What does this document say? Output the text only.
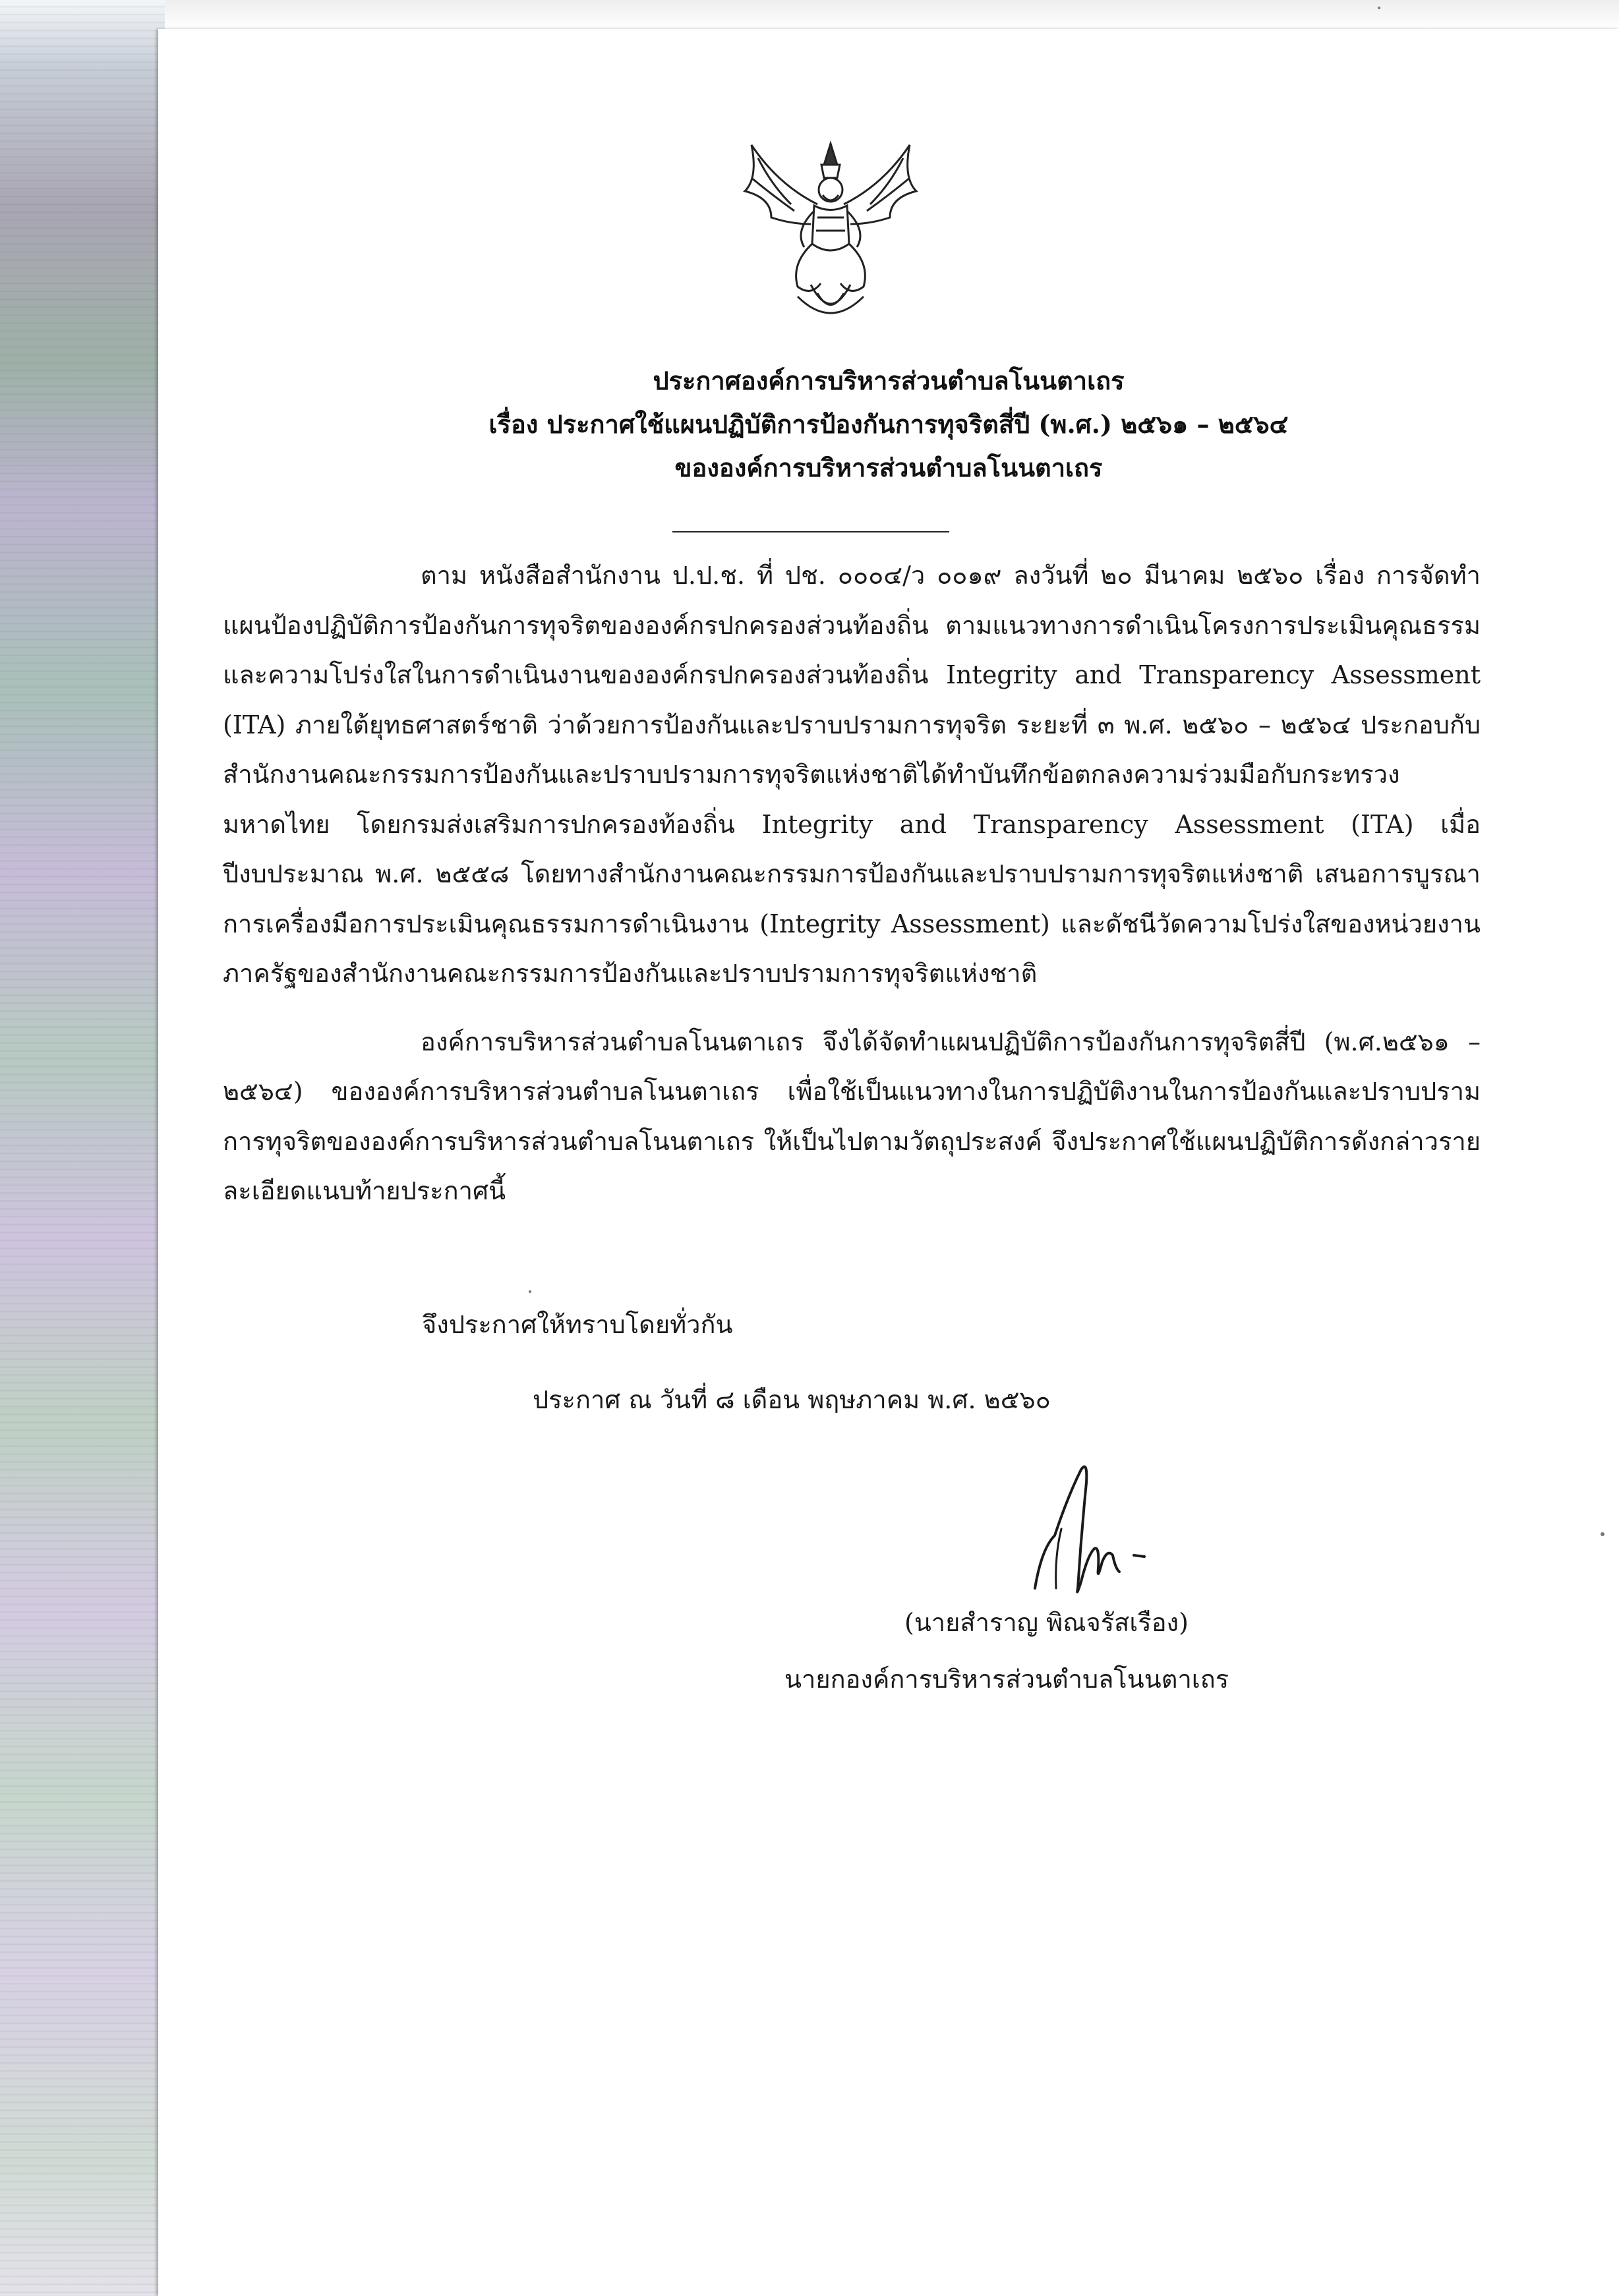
ประกาศองค์การบริหารส่วนตำบลโนนตาเถร
เรื่อง ประกาศใช้แผนปฏิบัติการป้องกันการทุจริตสี่ปี (พ.ศ.) ๒๕๖๑ – ๒๕๖๔
ขององค์การบริหารส่วนตำบลโนนตาเถร

ตาม หนังสือสำนักงาน ป.ป.ช. ที่ ปช. ๐๐๐๔/ว ๐๐๑๙ ลงวันที่ ๒๐ มีนาคม ๒๕๖๐ เรื่อง การจัดทำแผนป้องปฏิบัติการป้องกันการทุจริตขององค์กรปกครองส่วนท้องถิ่น ตามแนวทางการดำเนินโครงการประเมินคุณธรรมและความโปร่งใสในการดำเนินงานขององค์กรปกครองส่วนท้องถิ่น Integrity and Transparency Assessment (ITA) ภายใต้ยุทธศาสตร์ชาติ ว่าด้วยการป้องกันและปราบปรามการทุจริต ระยะที่ ๓ พ.ศ. ๒๕๖๐ – ๒๕๖๔ ประกอบกับ สำนักงานคณะกรรมการป้องกันและปราบปรามการทุจริตแห่งชาติได้ทำบันทึกข้อตกลงความร่วมมือกับกระทรวงมหาดไทย โดยกรมส่งเสริมการปกครองท้องถิ่น Integrity and Transparency Assessment (ITA) เมื่อปีงบประมาณ พ.ศ. ๒๕๕๘ โดยทางสำนักงานคณะกรรมการป้องกันและปราบปรามการทุจริตแห่งชาติ เสนอการบูรณาการเครื่องมือการประเมินคุณธรรมการดำเนินงาน (Integrity Assessment) และดัชนีวัดความโปร่งใสของหน่วยงานภาครัฐของสำนักงานคณะกรรมการป้องกันและปราบปรามการทุจริตแห่งชาติ

องค์การบริหารส่วนตำบลโนนตาเถร จึงได้จัดทำแผนปฏิบัติการป้องกันการทุจริตสี่ปี (พ.ศ.๒๕๖๑ – ๒๕๖๔) ขององค์การบริหารส่วนตำบลโนนตาเถร เพื่อใช้เป็นแนวทางในการปฏิบัติงานในการป้องกันและปราบปรามการทุจริตขององค์การบริหารส่วนตำบลโนนตาเถร ให้เป็นไปตามวัตถุประสงค์ จึงประกาศใช้แผนปฏิบัติการดังกล่าวรายละเอียดแนบท้ายประกาศนี้

จึงประกาศให้ทราบโดยทั่วกัน
ประกาศ ณ วันที่ ๘ เดือน พฤษภาคม พ.ศ. ๒๕๖๐
(นายสำราญ พิณจรัสเรือง)
นายกองค์การบริหารส่วนตำบลโนนตาเถร
